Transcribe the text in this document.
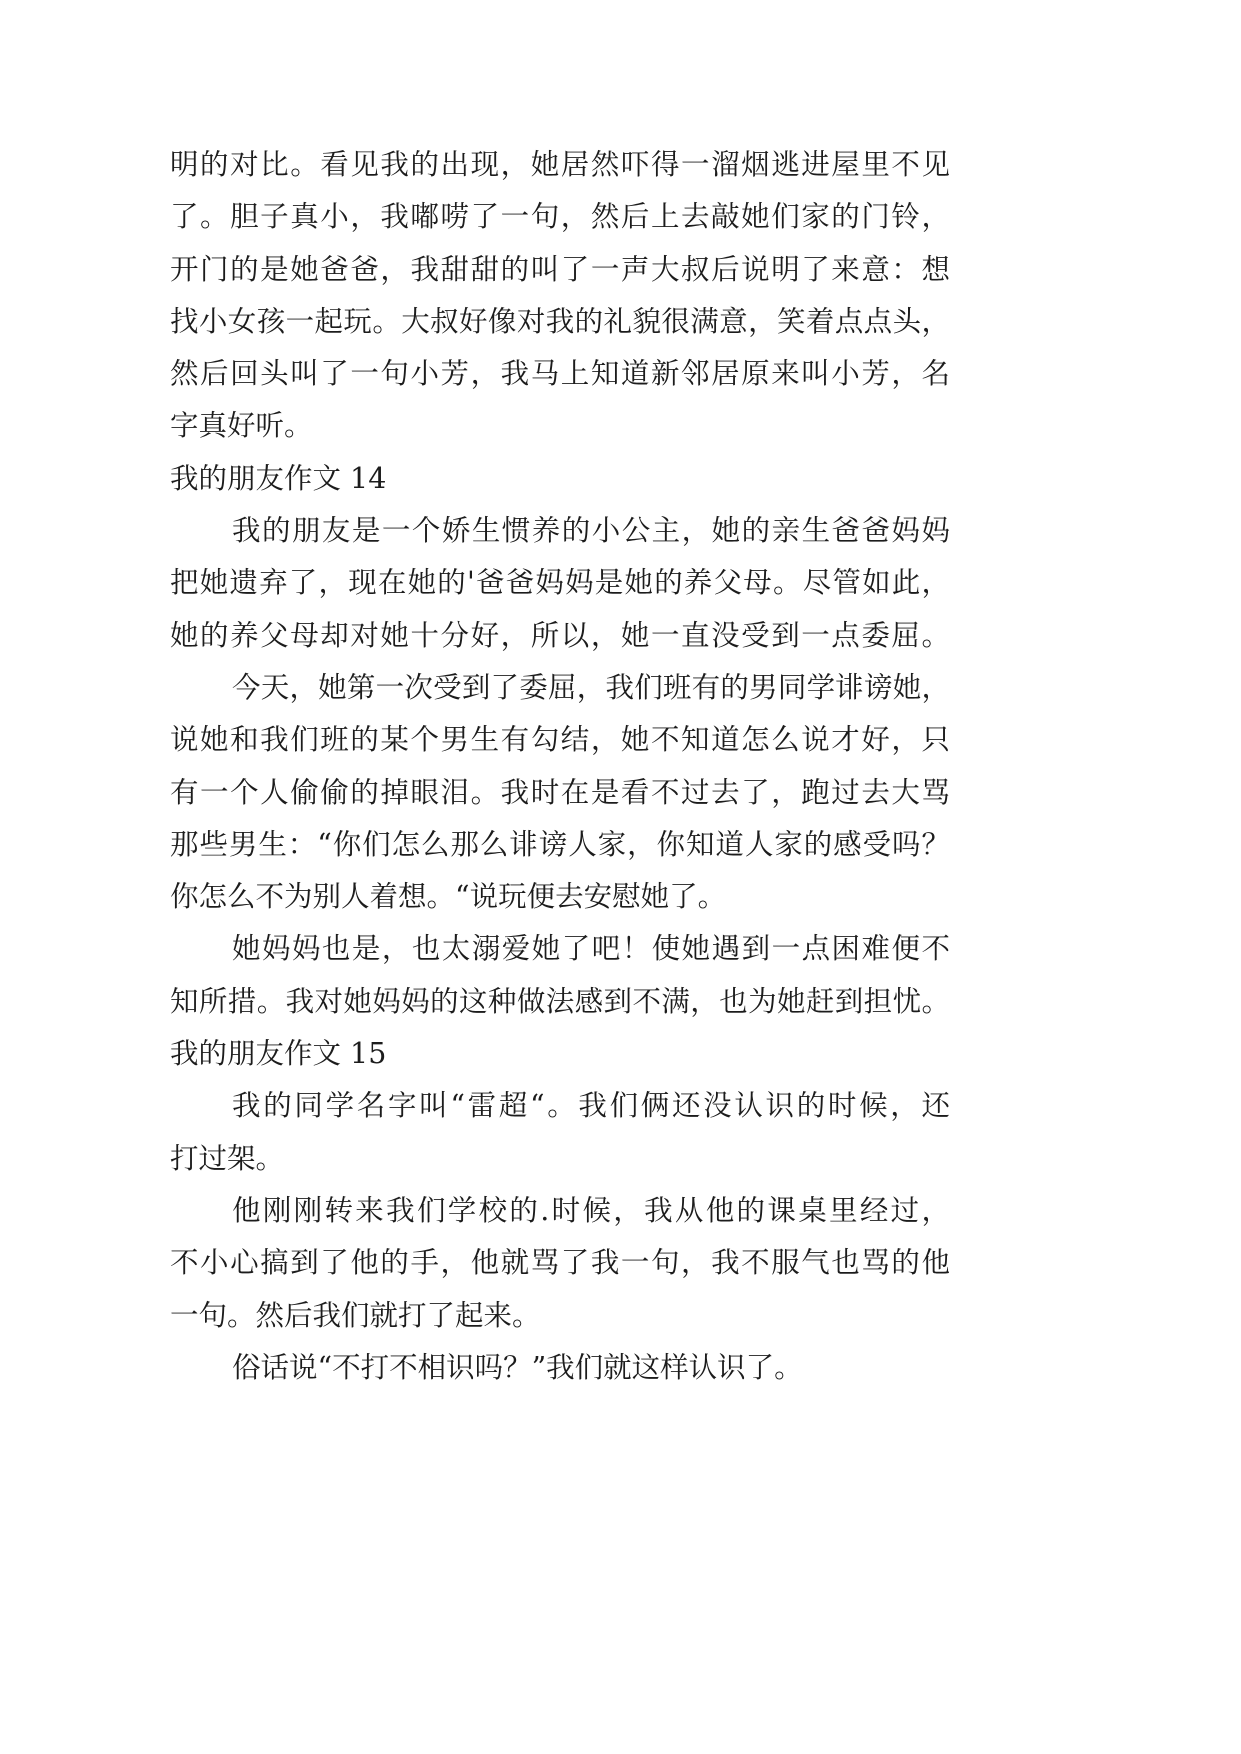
明的对比。看见我的出现，她居然吓得一溜烟逃进屋里不见
了。胆子真小，我嘟唠了一句，然后上去敲她们家的门铃，
开门的是她爸爸，我甜甜的叫了一声大叔后说明了来意：想
找小女孩一起玩。大叔好像对我的礼貌很满意，笑着点点头，
然后回头叫了一句小芳，我马上知道新邻居原来叫小芳，名
字真好听。
我的朋友作文 14
我的朋友是一个娇生惯养的小公主，她的亲生爸爸妈妈
把她遗弃了，现在她的'爸爸妈妈是她的养父母。尽管如此，
她的养父母却对她十分好，所以，她一直没受到一点委屈。
今天，她第一次受到了委屈，我们班有的男同学诽谤她，
说她和我们班的某个男生有勾结，她不知道怎么说才好，只
有一个人偷偷的掉眼泪。我时在是看不过去了，跑过去大骂
那些男生：“你们怎么那么诽谤人家，你知道人家的感受吗？
你怎么不为别人着想。“说玩便去安慰她了。
她妈妈也是，也太溺爱她了吧！使她遇到一点困难便不
知所措。我对她妈妈的这种做法感到不满，也为她赶到担忧。
我的朋友作文 15
我的同学名字叫“雷超“。我们俩还没认识的时候，还
打过架。
他刚刚转来我们学校的.时候，我从他的课桌里经过，
不小心搞到了他的手，他就骂了我一句，我不服气也骂的他
一句。然后我们就打了起来。
俗话说“不打不相识吗？”我们就这样认识了。
